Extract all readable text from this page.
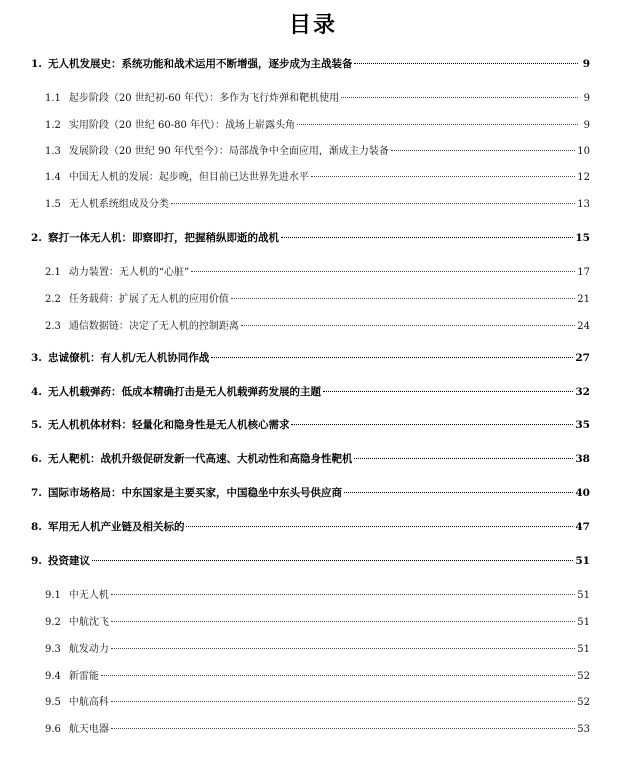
目录
1. 无人机发展史：系统功能和战术运用不断增强，逐步成为主战装备	9
1.1 起步阶段（20 世纪初-60 年代）：多作为飞行炸弹和靶机使用	9
1.2 实用阶段（20 世纪 60-80 年代）：战场上崭露头角	9
1.3 发展阶段（20 世纪 90 年代至今）：局部战争中全面应用，渐成主力装备	10
1.4 中国无人机的发展：起步晚，但目前已达世界先进水平	12
1.5 无人机系统组成及分类	13
2. 察打一体无人机：即察即打，把握稍纵即逝的战机	15
2.1 动力装置：无人机的“心脏”	17
2.2 任务载荷：扩展了无人机的应用价值	21
2.3 通信数据链：决定了无人机的控制距离	24
3. 忠诚僚机：有人机/无人机协同作战	27
4. 无人机载弹药：低成本精确打击是无人机载弹药发展的主题	32
5. 无人机机体材料：轻量化和隐身性是无人机核心需求	35
6. 无人靶机：战机升级促研发新一代高速、大机动性和高隐身性靶机	38
7. 国际市场格局：中东国家是主要买家，中国稳坐中东头号供应商	40
8. 军用无人机产业链及相关标的	47
9. 投资建议	51
9.1 中无人机	51
9.2 中航沈飞	51
9.3 航发动力	51
9.4 新雷能	52
9.5 中航高科	52
9.6 航天电器	53
